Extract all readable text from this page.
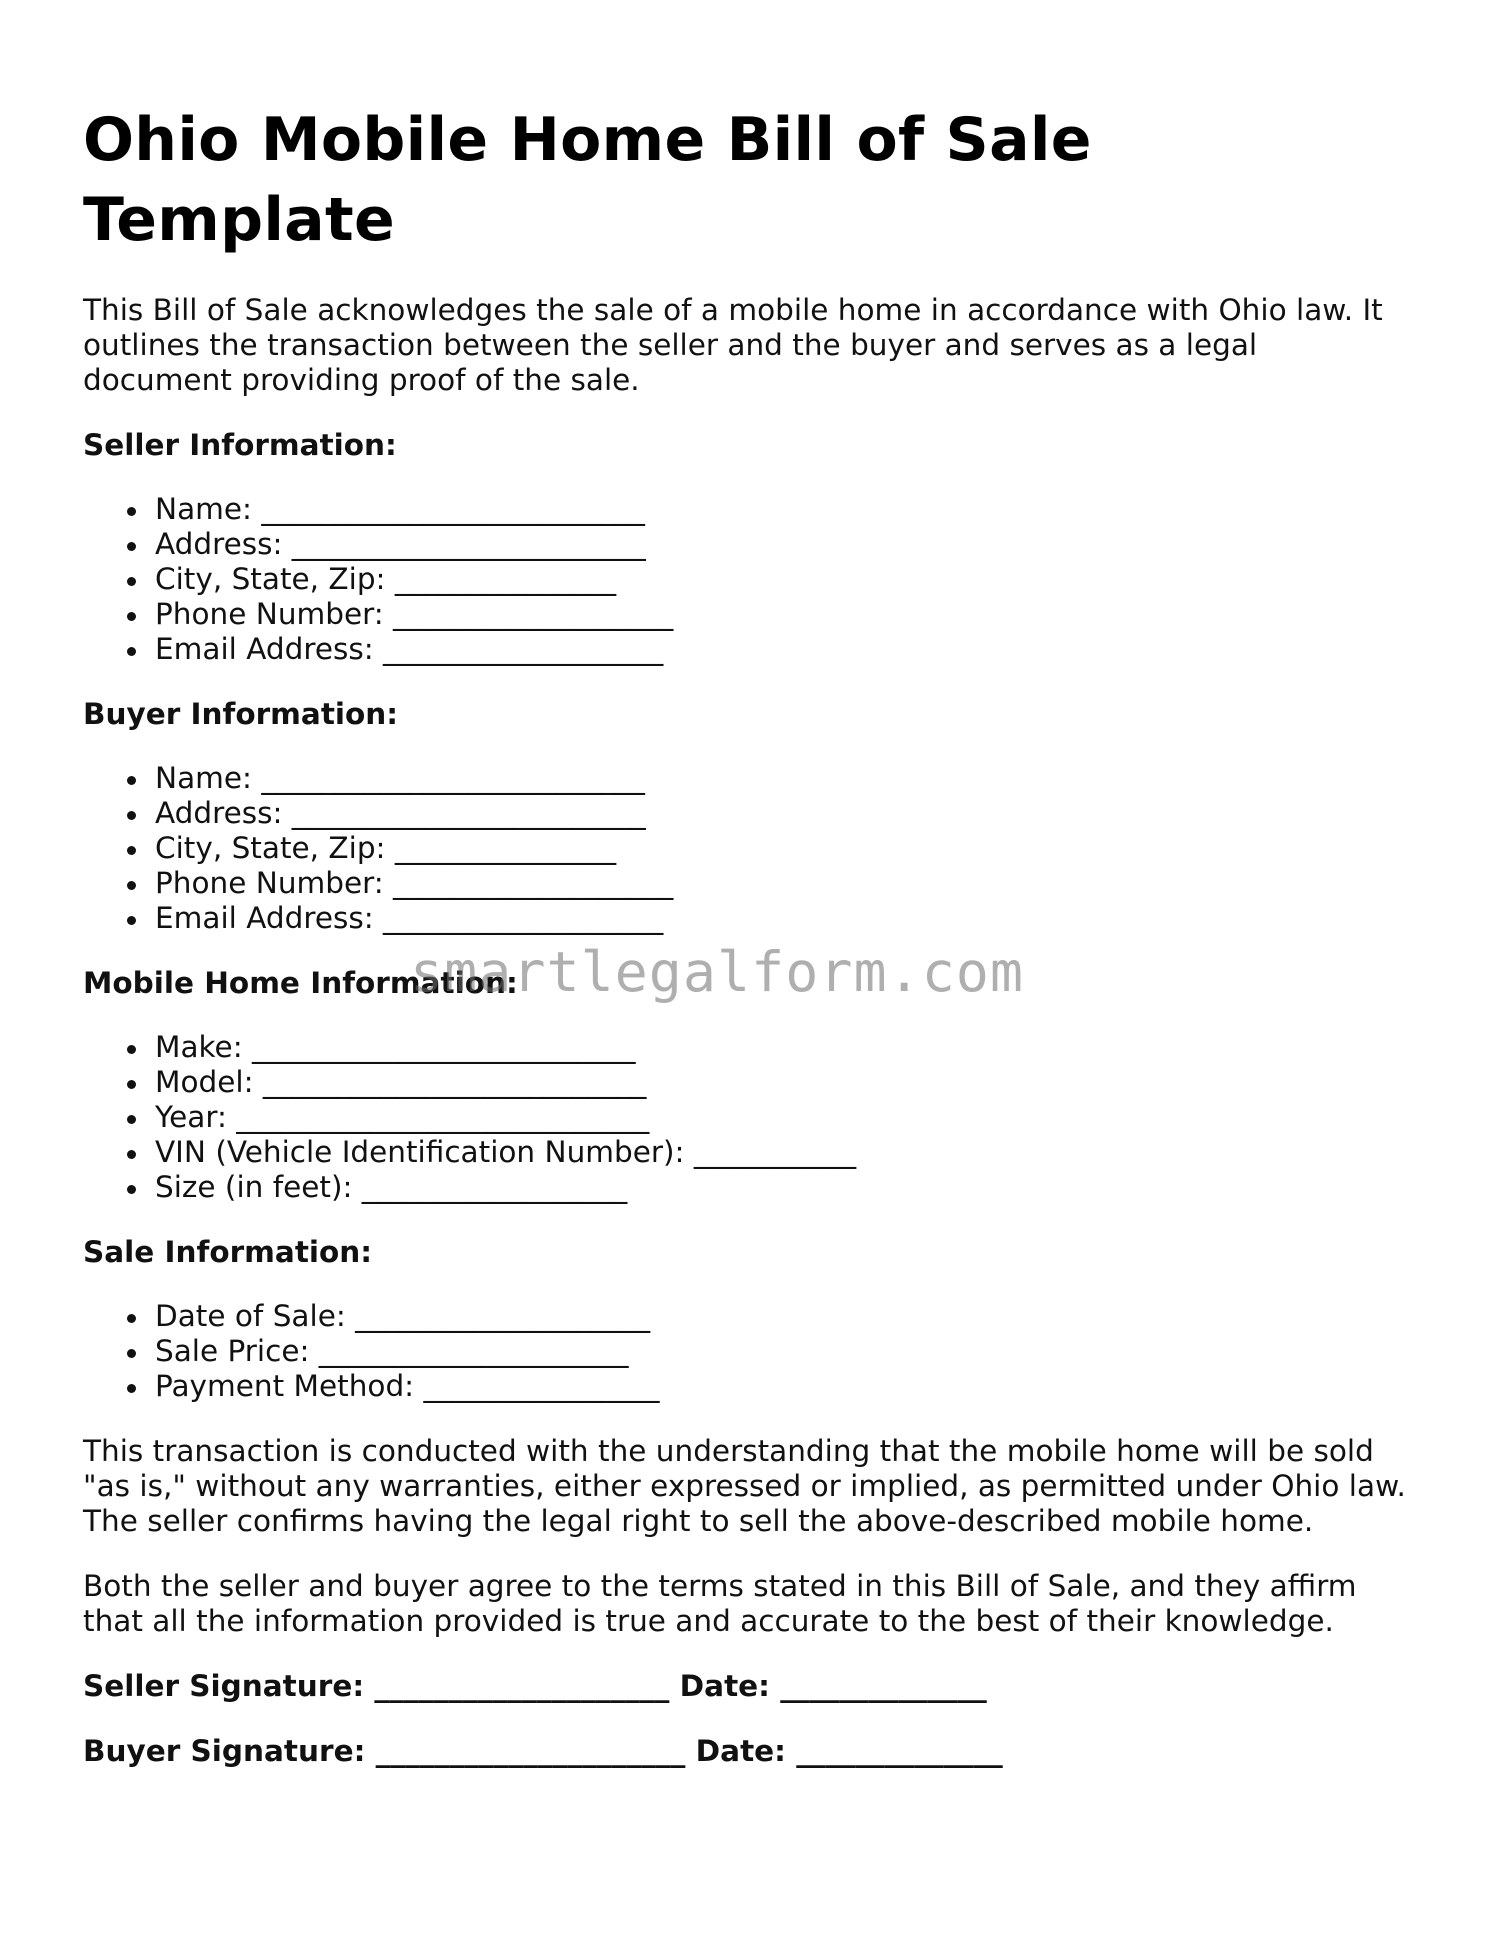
Ohio Mobile Home Bill of Sale Template

This Bill of Sale acknowledges the sale of a mobile home in accordance with Ohio law. It outlines the transaction between the seller and the buyer and serves as a legal document providing proof of the sale.

Seller Information:
Name: __________________________
Address: ________________________
City, State, Zip: _______________
Phone Number: ___________________
Email Address: ___________________
Buyer Information:
Name: __________________________
Address: ________________________
City, State, Zip: _______________
Phone Number: ___________________
Email Address: ___________________
Mobile Home Information:
Make: __________________________
Model: __________________________
Year: ____________________________
VIN (Vehicle Identification Number): ___________
Size (in feet): __________________
Sale Information:
Date of Sale: ____________________
Sale Price: _____________________
Payment Method: ________________

This transaction is conducted with the understanding that the mobile home will be sold "as is," without any warranties, either expressed or implied, as permitted under Ohio law. The seller confirms having the legal right to sell the above-described mobile home.

Both the seller and buyer agree to the terms stated in this Bill of Sale, and they affirm that all the information provided is true and accurate to the best of their knowledge.

Seller Signature: ____________________ Date: ______________
Buyer Signature: _____________________ Date: ______________
smartlegalform.com
